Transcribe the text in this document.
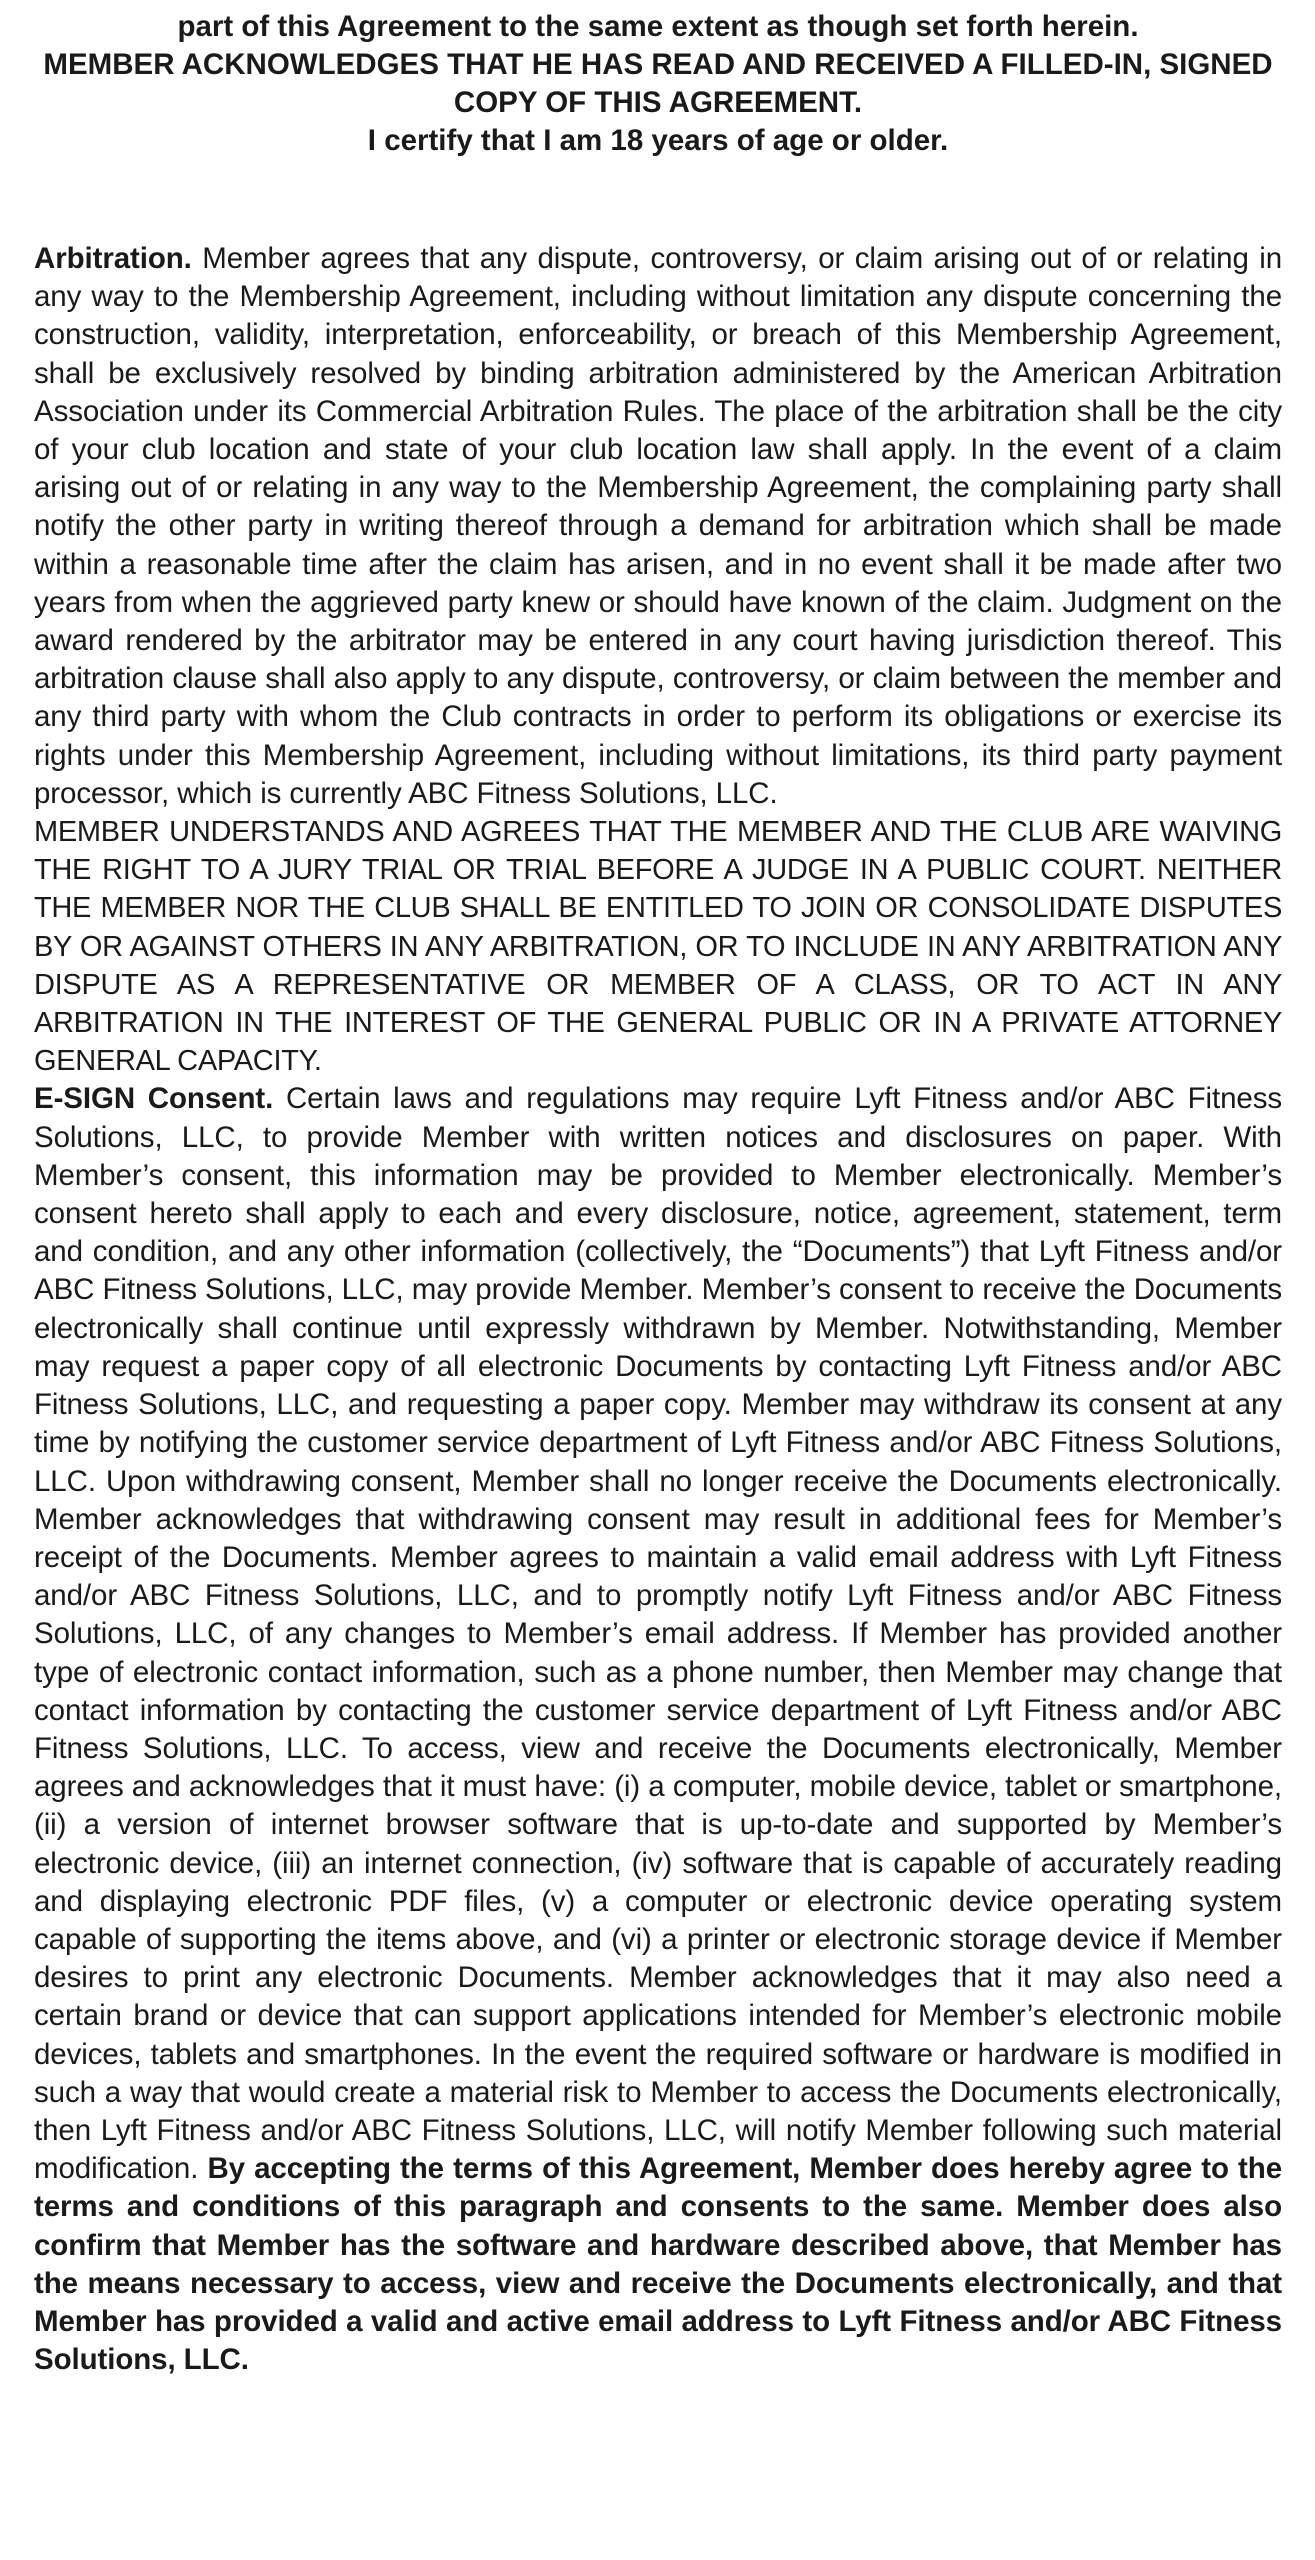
part of this Agreement to the same extent as though set forth herein.

MEMBER ACKNOWLEDGES THAT HE HAS READ AND RECEIVED A FILLED-IN, SIGNED COPY OF THIS AGREEMENT.

I certify that I am 18 years of age or older.

Arbitration. Member agrees that any dispute, controversy, or claim arising out of or relating in any way to the Membership Agreement, including without limitation any dispute concerning the construction, validity, interpretation, enforceability, or breach of this Membership Agreement, shall be exclusively resolved by binding arbitration administered by the American Arbitration Association under its Commercial Arbitration Rules. The place of the arbitration shall be the city of your club location and state of your club location law shall apply. In the event of a claim arising out of or relating in any way to the Membership Agreement, the complaining party shall notify the other party in writing thereof through a demand for arbitration which shall be made within a reasonable time after the claim has arisen, and in no event shall it be made after two years from when the aggrieved party knew or should have known of the claim. Judgment on the award rendered by the arbitrator may be entered in any court having jurisdiction thereof. This arbitration clause shall also apply to any dispute, controversy, or claim between the member and any third party with whom the Club contracts in order to perform its obligations or exercise its rights under this Membership Agreement, including without limitations, its third party payment processor, which is currently ABC Fitness Solutions, LLC.

MEMBER UNDERSTANDS AND AGREES THAT THE MEMBER AND THE CLUB ARE WAIVING THE RIGHT TO A JURY TRIAL OR TRIAL BEFORE A JUDGE IN A PUBLIC COURT. NEITHER THE MEMBER NOR THE CLUB SHALL BE ENTITLED TO JOIN OR CONSOLIDATE DISPUTES BY OR AGAINST OTHERS IN ANY ARBITRATION, OR TO INCLUDE IN ANY ARBITRATION ANY DISPUTE AS A REPRESENTATIVE OR MEMBER OF A CLASS, OR TO ACT IN ANY ARBITRATION IN THE INTEREST OF THE GENERAL PUBLIC OR IN A PRIVATE ATTORNEY GENERAL CAPACITY.

E-SIGN Consent. Certain laws and regulations may require Lyft Fitness and/or ABC Fitness Solutions, LLC, to provide Member with written notices and disclosures on paper. With Member’s consent, this information may be provided to Member electronically. Member’s consent hereto shall apply to each and every disclosure, notice, agreement, statement, term and condition, and any other information (collectively, the “Documents”) that Lyft Fitness and/or ABC Fitness Solutions, LLC, may provide Member. Member’s consent to receive the Documents electronically shall continue until expressly withdrawn by Member. Notwithstanding, Member may request a paper copy of all electronic Documents by contacting Lyft Fitness and/or ABC Fitness Solutions, LLC, and requesting a paper copy. Member may withdraw its consent at any time by notifying the customer service department of Lyft Fitness and/or ABC Fitness Solutions, LLC. Upon withdrawing consent, Member shall no longer receive the Documents electronically. Member acknowledges that withdrawing consent may result in additional fees for Member’s receipt of the Documents. Member agrees to maintain a valid email address with Lyft Fitness and/or ABC Fitness Solutions, LLC, and to promptly notify Lyft Fitness and/or ABC Fitness Solutions, LLC, of any changes to Member’s email address. If Member has provided another type of electronic contact information, such as a phone number, then Member may change that contact information by contacting the customer service department of Lyft Fitness and/or ABC Fitness Solutions, LLC. To access, view and receive the Documents electronically, Member agrees and acknowledges that it must have: (i) a computer, mobile device, tablet or smartphone, (ii) a version of internet browser software that is up-to-date and supported by Member’s electronic device, (iii) an internet connection, (iv) software that is capable of accurately reading and displaying electronic PDF files, (v) a computer or electronic device operating system capable of supporting the items above, and (vi) a printer or electronic storage device if Member desires to print any electronic Documents. Member acknowledges that it may also need a certain brand or device that can support applications intended for Member’s electronic mobile devices, tablets and smartphones. In the event the required software or hardware is modified in such a way that would create a material risk to Member to access the Documents electronically, then Lyft Fitness and/or ABC Fitness Solutions, LLC, will notify Member following such material modification. By accepting the terms of this Agreement, Member does hereby agree to the terms and conditions of this paragraph and consents to the same. Member does also confirm that Member has the software and hardware described above, that Member has the means necessary to access, view and receive the Documents electronically, and that Member has provided a valid and active email address to Lyft Fitness and/or ABC Fitness Solutions, LLC.
